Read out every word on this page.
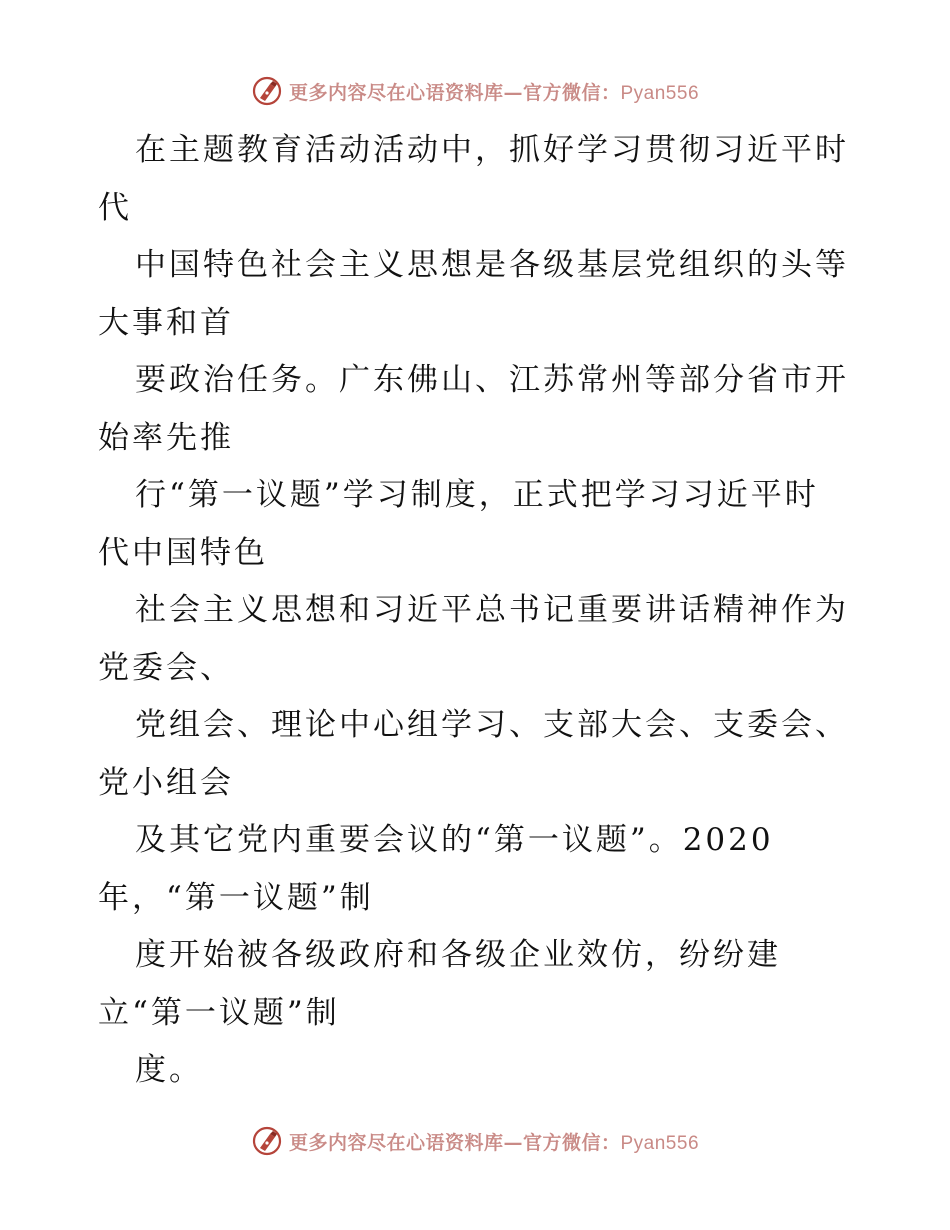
更多内容尽在心语资料库—官方微信：Pyan556
在主题教育活动活动中，抓好学习贯彻习近平时
代
中国特色社会主义思想是各级基层党组织的头等
大事和首
要政治任务。广东佛山、江苏常州等部分省市开
始率先推
行“第一议题”学习制度，正式把学习习近平时
代中国特色
社会主义思想和习近平总书记重要讲话精神作为
党委会、
党组会、理论中心组学习、支部大会、支委会、
党小组会
及其它党内重要会议的“第一议题”。2020
年，“第一议题”制
度开始被各级政府和各级企业效仿，纷纷建
立“第一议题”制
度。
更多内容尽在心语资料库—官方微信：Pyan556
